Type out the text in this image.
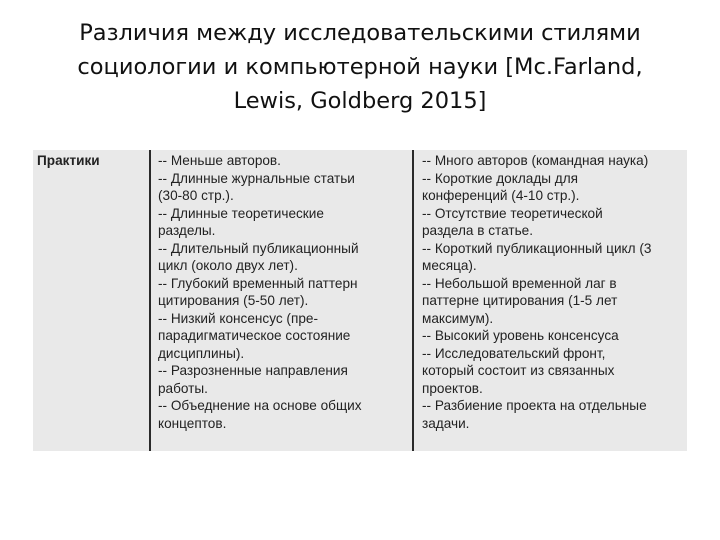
Различия между исследовательскими стилями
социологии и компьютерной науки [Mc.Farland,
Lewis, Goldberg 2015]
Практики	-- Меньше авторов.
-- Длинные журнальные статьи
(30-80 стр.).
-- Длинные теоретические
разделы.
-- Длительный публикационный
цикл (около двух лет).
-- Глубокий временный паттерн
цитирования (5-50 лет).
-- Низкий консенсус (пре-
парадигматическое состояние
дисциплины).
-- Разрозненные направления
работы.
-- Объеднение на основе общих
концептов.
-- Много авторов (командная наука)
-- Короткие доклады для
конференций (4-10 стр.).
-- Отсутствие теоретической
раздела в статье.
-- Короткий публикационный цикл (3
месяца).
-- Небольшой временной лаг в
паттерне цитирования (1-5 лет
максимум).
-- Высокий уровень консенсуса
-- Исследовательский фронт,
который состоит из связанных
проектов.
-- Разбиение проекта на отдельные
задачи.
